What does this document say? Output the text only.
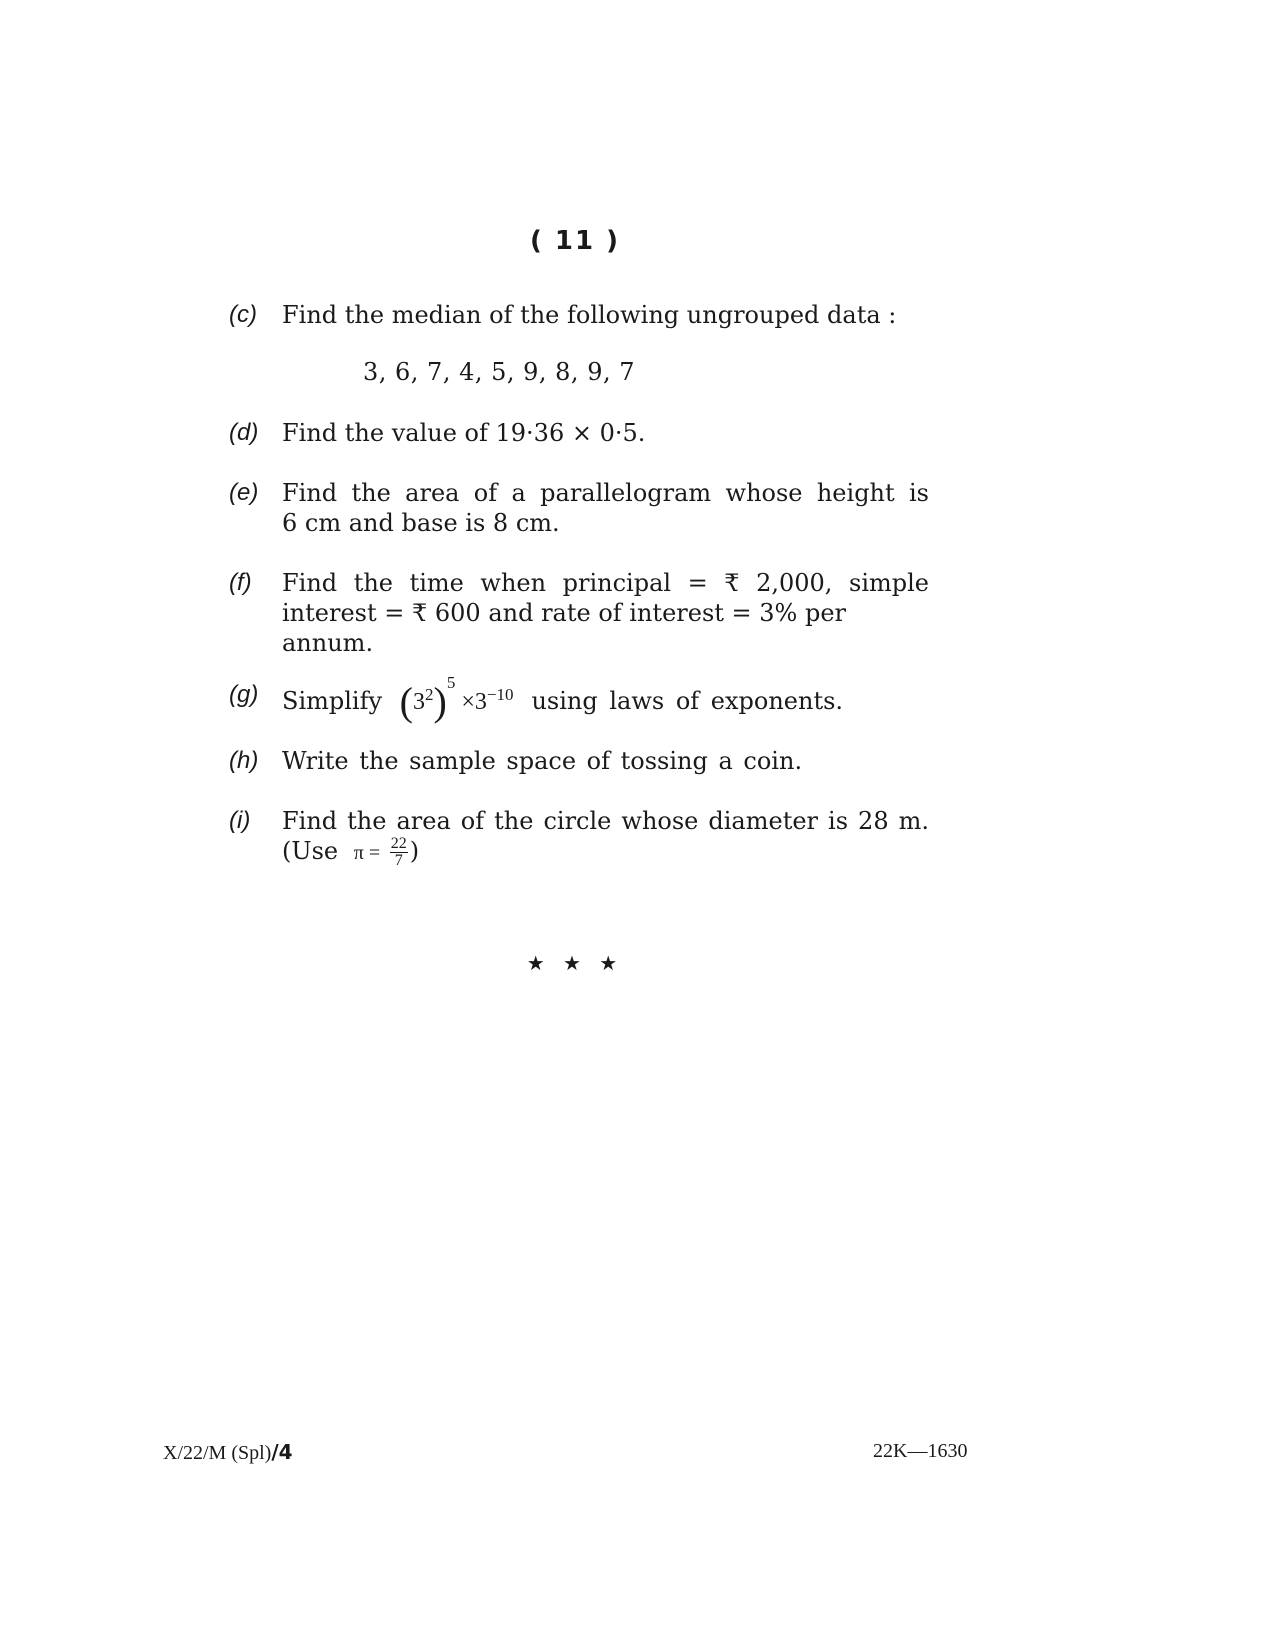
( 11 )
(c) Find the median of the following ungrouped data :
3, 6, 7, 4, 5, 9, 8, 9, 7
(d) Find the value of 19·36 × 0·5.
(e) Find the area of a parallelogram whose height is
6 cm and base is 8 cm.
(f) Find the time when principal = ₹ 2,000, simple
interest = ₹ 600 and rate of interest = 3% per annum.
(g) Simplify $(3^2)^5 \times 3^{-10}$ using laws of exponents.
(h) Write the sample space of tossing a coin.
(i) Find the area of the circle whose diameter is 28 m.
(Use $\pi = \frac{22}{7}$ )
★ ★ ★
X/22/M (Spl)/4	22K—1630
